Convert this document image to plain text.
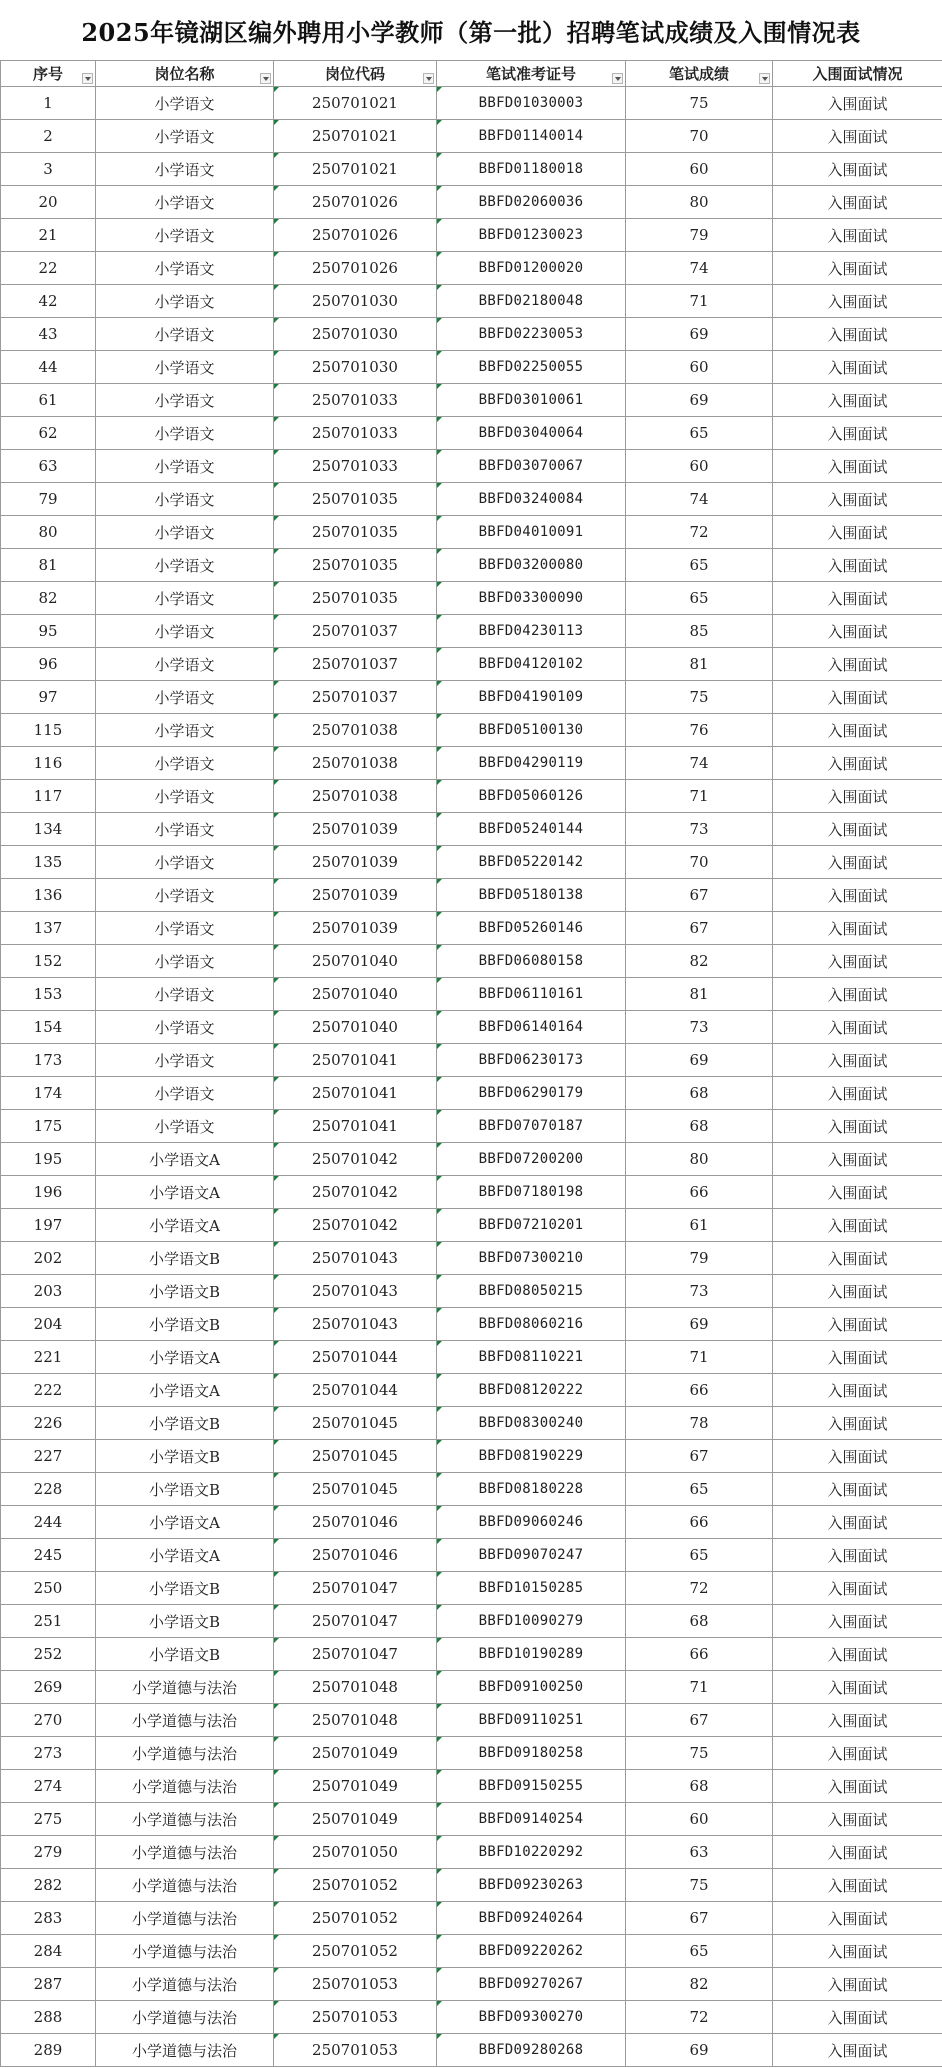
2025年镜湖区编外聘用小学教师（第一批）招聘笔试成绩及入围情况表
序号	岗位名称	岗位代码	笔试准考证号	笔试成绩	入围面试情况
1	小学语文	250701021	BBFD01030003	75	入围面试
2	小学语文	250701021	BBFD01140014	70	入围面试
3	小学语文	250701021	BBFD01180018	60	入围面试
20	小学语文	250701026	BBFD02060036	80	入围面试
21	小学语文	250701026	BBFD01230023	79	入围面试
22	小学语文	250701026	BBFD01200020	74	入围面试
42	小学语文	250701030	BBFD02180048	71	入围面试
43	小学语文	250701030	BBFD02230053	69	入围面试
44	小学语文	250701030	BBFD02250055	60	入围面试
61	小学语文	250701033	BBFD03010061	69	入围面试
62	小学语文	250701033	BBFD03040064	65	入围面试
63	小学语文	250701033	BBFD03070067	60	入围面试
79	小学语文	250701035	BBFD03240084	74	入围面试
80	小学语文	250701035	BBFD04010091	72	入围面试
81	小学语文	250701035	BBFD03200080	65	入围面试
82	小学语文	250701035	BBFD03300090	65	入围面试
95	小学语文	250701037	BBFD04230113	85	入围面试
96	小学语文	250701037	BBFD04120102	81	入围面试
97	小学语文	250701037	BBFD04190109	75	入围面试
115	小学语文	250701038	BBFD05100130	76	入围面试
116	小学语文	250701038	BBFD04290119	74	入围面试
117	小学语文	250701038	BBFD05060126	71	入围面试
134	小学语文	250701039	BBFD05240144	73	入围面试
135	小学语文	250701039	BBFD05220142	70	入围面试
136	小学语文	250701039	BBFD05180138	67	入围面试
137	小学语文	250701039	BBFD05260146	67	入围面试
152	小学语文	250701040	BBFD06080158	82	入围面试
153	小学语文	250701040	BBFD06110161	81	入围面试
154	小学语文	250701040	BBFD06140164	73	入围面试
173	小学语文	250701041	BBFD06230173	69	入围面试
174	小学语文	250701041	BBFD06290179	68	入围面试
175	小学语文	250701041	BBFD07070187	68	入围面试
195	小学语文A	250701042	BBFD07200200	80	入围面试
196	小学语文A	250701042	BBFD07180198	66	入围面试
197	小学语文A	250701042	BBFD07210201	61	入围面试
202	小学语文B	250701043	BBFD07300210	79	入围面试
203	小学语文B	250701043	BBFD08050215	73	入围面试
204	小学语文B	250701043	BBFD08060216	69	入围面试
221	小学语文A	250701044	BBFD08110221	71	入围面试
222	小学语文A	250701044	BBFD08120222	66	入围面试
226	小学语文B	250701045	BBFD08300240	78	入围面试
227	小学语文B	250701045	BBFD08190229	67	入围面试
228	小学语文B	250701045	BBFD08180228	65	入围面试
244	小学语文A	250701046	BBFD09060246	66	入围面试
245	小学语文A	250701046	BBFD09070247	65	入围面试
250	小学语文B	250701047	BBFD10150285	72	入围面试
251	小学语文B	250701047	BBFD10090279	68	入围面试
252	小学语文B	250701047	BBFD10190289	66	入围面试
269	小学道德与法治	250701048	BBFD09100250	71	入围面试
270	小学道德与法治	250701048	BBFD09110251	67	入围面试
273	小学道德与法治	250701049	BBFD09180258	75	入围面试
274	小学道德与法治	250701049	BBFD09150255	68	入围面试
275	小学道德与法治	250701049	BBFD09140254	60	入围面试
279	小学道德与法治	250701050	BBFD10220292	63	入围面试
282	小学道德与法治	250701052	BBFD09230263	75	入围面试
283	小学道德与法治	250701052	BBFD09240264	67	入围面试
284	小学道德与法治	250701052	BBFD09220262	65	入围面试
287	小学道德与法治	250701053	BBFD09270267	82	入围面试
288	小学道德与法治	250701053	BBFD09300270	72	入围面试
289	小学道德与法治	250701053	BBFD09280268	69	入围面试
